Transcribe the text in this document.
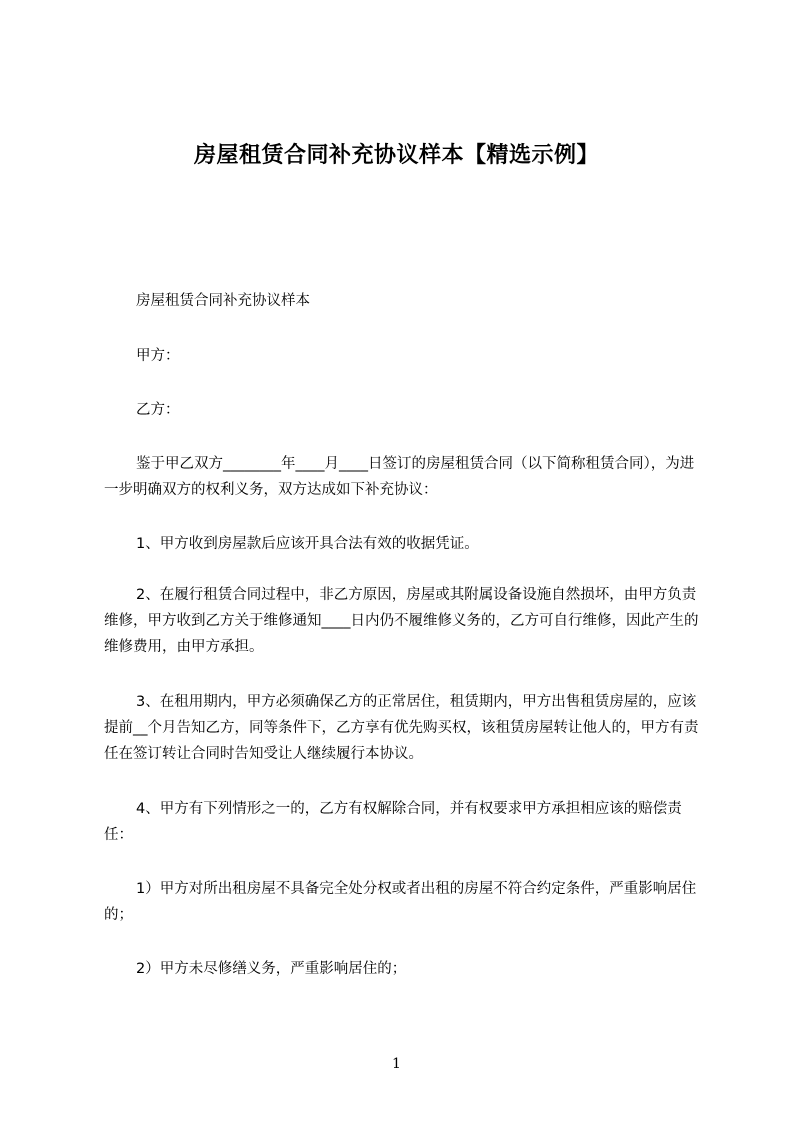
房屋租赁合同补充协议样本【精选示例】

房屋租赁合同补充协议样本

甲方：

乙方：

鉴于甲乙双方________年____月____日签订的房屋租赁合同（以下简称租赁合同），为进一步明确双方的权利义务，双方达成如下补充协议：

1、甲方收到房屋款后应该开具合法有效的收据凭证。

2、在履行租赁合同过程中，非乙方原因，房屋或其附属设备设施自然损坏，由甲方负责维修，甲方收到乙方关于维修通知____日内仍不履维修义务的，乙方可自行维修，因此产生的维修费用，由甲方承担。

3、在租用期内，甲方必须确保乙方的正常居住，租赁期内，甲方出售租赁房屋的，应该提前__个月告知乙方，同等条件下，乙方享有优先购买权，该租赁房屋转让他人的，甲方有责任在签订转让合同时告知受让人继续履行本协议。

4、甲方有下列情形之一的，乙方有权解除合同，并有权要求甲方承担相应该的赔偿责任：

1）甲方对所出租房屋不具备完全处分权或者出租的房屋不符合约定条件，严重影响居住的；

2）甲方未尽修缮义务，严重影响居住的；

1
